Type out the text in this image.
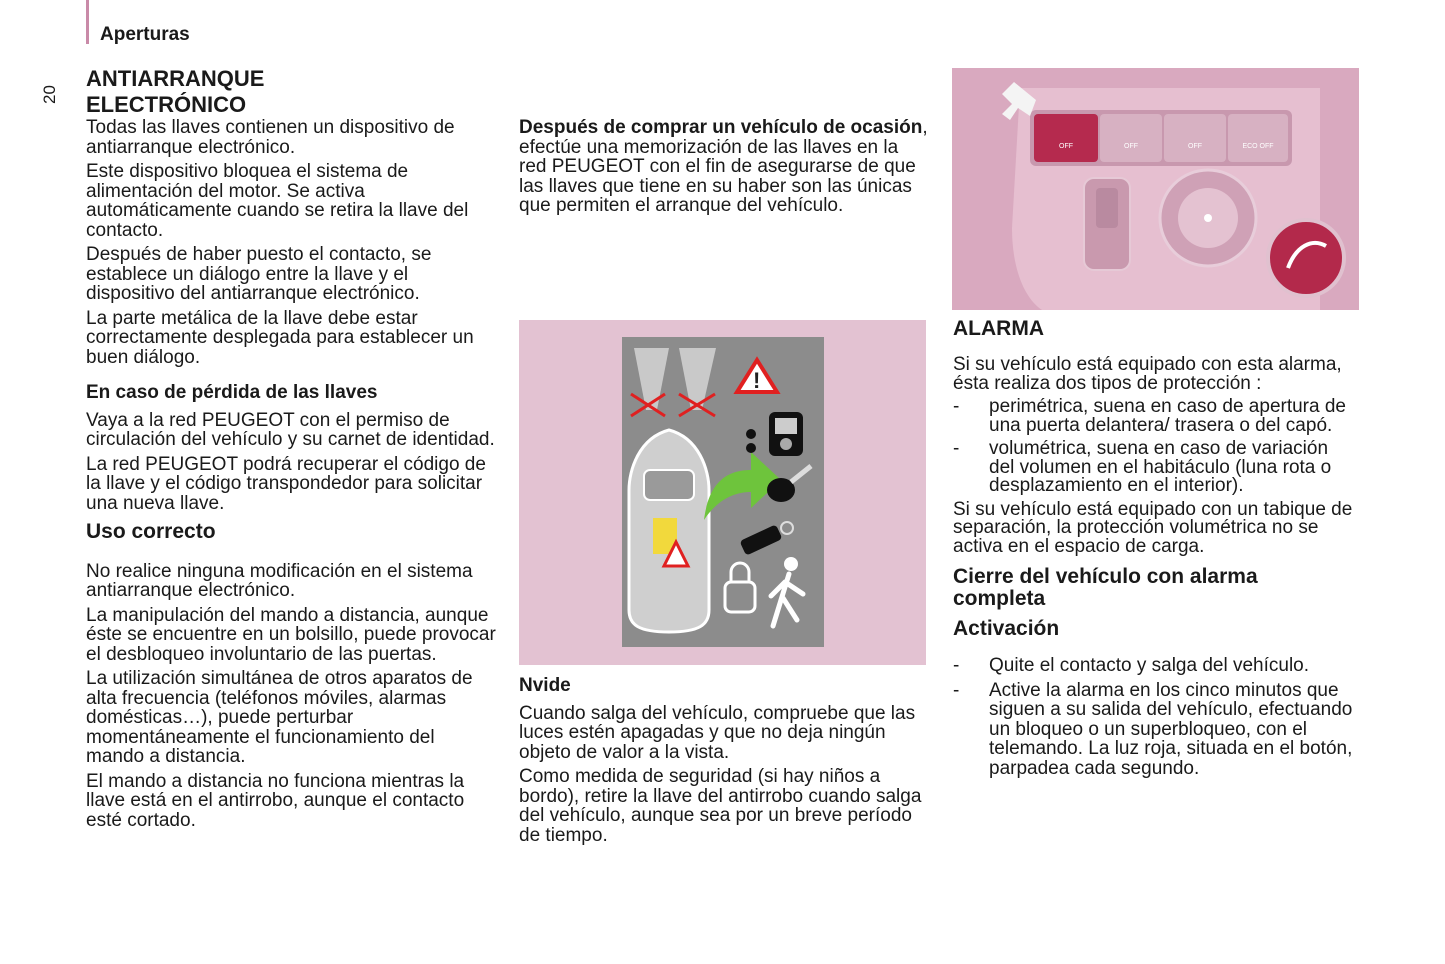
Aperturas
20
ANTIARRANQUE
ELECTRÓNICO

Todas las llaves contienen un dispositivo de antiarranque electrónico.

Este dispositivo bloquea el sistema de alimentación del motor. Se activa automáticamente cuando se retira la llave del contacto.

Después de haber puesto el contacto, se establece un diálogo entre la llave y el dispositivo del antiarranque electrónico.

La parte metálica de la llave debe estar correctamente desplegada para establecer un buen diálogo.

En caso de pérdida de las llaves

Vaya a la red PEUGEOT con el permiso de circulación del vehículo y su carnet de identidad.

La red PEUGEOT podrá recuperar el código de la llave y el código transpondedor para solicitar una nueva llave.

Uso correcto

No realice ninguna modificación en el sistema antiarranque electrónico.

La manipulación del mando a distancia, aunque éste se encuentre en un bolsillo, puede provocar el desbloqueo involuntario de las puertas.

La utilización simultánea de otros aparatos de alta frecuencia (teléfonos móviles, alarmas domésticas…), puede perturbar momentáneamente el funcionamiento del mando a distancia.

El mando a distancia no funciona mientras la llave está en el antirrobo, aunque el contacto esté cortado.

Después de comprar un vehículo de ocasión, efectúe una memorización de las llaves en la red PEUGEOT con el fin de asegurarse de que las llaves que tiene en su haber son las únicas que permiten el arranque del vehículo.

!
Nvide

Cuando salga del vehículo, compruebe que las luces estén apagadas y que no deja ningún objeto de valor a la vista.

Como medida de seguridad (si hay niños a bordo), retire la llave del antirrobo cuando salga del vehículo, aunque sea por un breve período de tiempo.

OFF	OFF	OFF	ECO OFF
ALARMA

Si su vehículo está equipado con esta alarma, ésta realiza dos tipos de protección :

- perimétrica, suena en caso de apertura de una puerta delantera/ trasera o del capó.
- volumétrica, suena en caso de variación del volumen en el habitáculo (luna rota o desplazamiento en el interior).

Si su vehículo está equipado con un tabique de separación, la protección volumétrica no se activa en el espacio de carga.

Cierre del vehículo con alarma completa
Activación
- Quite el contacto y salga del vehículo.
- Active la alarma en los cinco minutos que siguen a su salida del vehículo, efectuando un bloqueo o un superbloqueo, con el telemando. La luz roja, situada en el botón, parpadea cada segundo.
